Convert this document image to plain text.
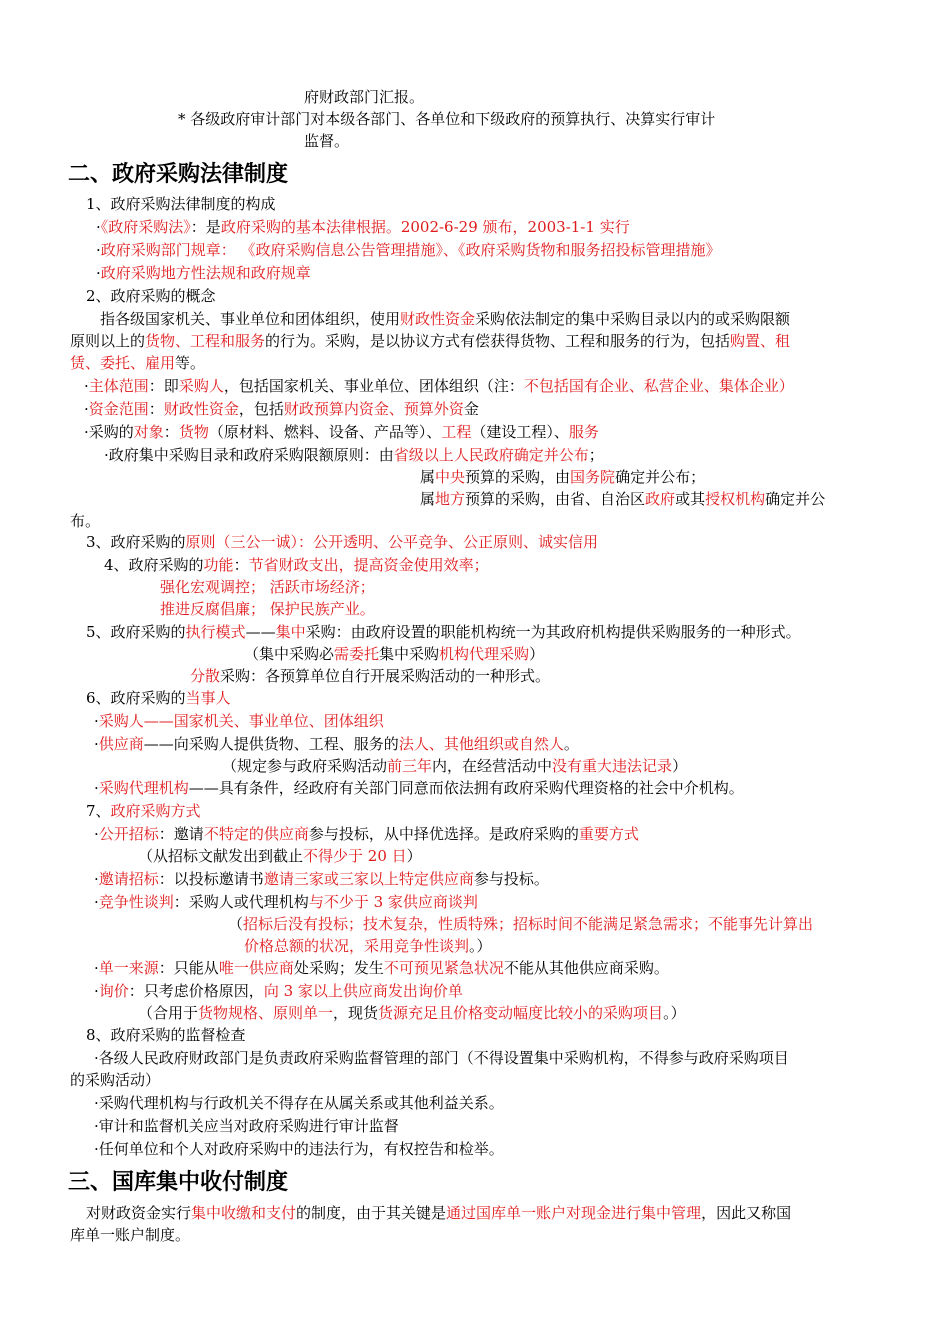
二、政府采购法律制度
三、国库集中收付制度
府财政部门汇报。
* 各级政府审计部门对本级各部门、各单位和下级政府的预算执行、决算实行审计
监督。
1、政府采购法律制度的构成
·《政府采购法》：是政府采购的基本法律根据。2002-6-29 颁布，2003-1-1 实行
·政府采购部门规章： 《政府采购信息公告管理措施》、《政府采购货物和服务招投标管理措施》
·政府采购地方性法规和政府规章
2、政府采购的概念
指各级国家机关、事业单位和团体组织，使用财政性资金采购依法制定的集中采购目录以内的或采购限额
原则以上的货物、工程和服务的行为。采购，是以协议方式有偿获得货物、工程和服务的行为，包括购置、租
赁、委托、雇用等。
·主体范围：即采购人，包括国家机关、事业单位、团体组织（注：不包括国有企业、私营企业、集体企业）
·资金范围：财政性资金，包括财政预算内资金、预算外资金
·采购的对象：货物（原材料、燃料、设备、产品等）、工程（建设工程）、服务
·政府集中采购目录和政府采购限额原则：由省级以上人民政府确定并公布；
属中央预算的采购，由国务院确定并公布；
属地方预算的采购，由省、自治区政府或其授权机构确定并公
布。
3、政府采购的原则（三公一诚）：公开透明、公平竞争、公正原则、诚实信用
4、政府采购的功能：节省财政支出，提高资金使用效率；
强化宏观调控； 活跃市场经济；
推进反腐倡廉； 保护民族产业。
5、政府采购的执行模式——集中采购：由政府设置的职能机构统一为其政府机构提供采购服务的一种形式。
（集中采购必需委托集中采购机构代理采购）
分散采购：各预算单位自行开展采购活动的一种形式。
6、政府采购的当事人
·采购人——国家机关、事业单位、团体组织
·供应商——向采购人提供货物、工程、服务的法人、其他组织或自然人。
（规定参与政府采购活动前三年内，在经营活动中没有重大违法记录）
·采购代理机构——具有条件，经政府有关部门同意而依法拥有政府采购代理资格的社会中介机构。
7、政府采购方式
·公开招标：邀请不特定的供应商参与投标，从中择优选择。是政府采购的重要方式
（从招标文献发出到截止不得少于 20 日）
·邀请招标：以投标邀请书邀请三家或三家以上特定供应商参与投标。
·竞争性谈判：采购人或代理机构与不少于 3 家供应商谈判
（招标后没有投标；技术复杂，性质特殊；招标时间不能满足紧急需求；不能事先计算出
价格总额的状况，采用竞争性谈判。）
·单一来源：只能从唯一供应商处采购；发生不可预见紧急状况不能从其他供应商采购。
·询价：只考虑价格原因，向 3 家以上供应商发出询价单
（合用于货物规格、原则单一，现货货源充足且价格变动幅度比较小的采购项目。）
8、政府采购的监督检查
·各级人民政府财政部门是负责政府采购监督管理的部门（不得设置集中采购机构，不得参与政府采购项目
的采购活动）
·采购代理机构与行政机关不得存在从属关系或其他利益关系。
·审计和监督机关应当对政府采购进行审计监督
·任何单位和个人对政府采购中的违法行为，有权控告和检举。
对财政资金实行集中收缴和支付的制度，由于其关键是通过国库单一账户对现金进行集中管理，因此又称国
库单一账户制度。
